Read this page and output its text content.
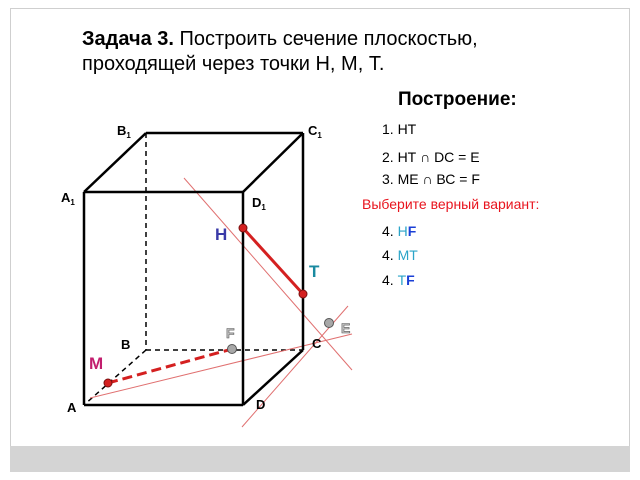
Задача 3. Построить сечение плоскостью, проходящей через точки Н, М, Т.
Построение:
1. НТ
2. НТ ∩ DC = Е
3. МЕ ∩ ВС = F
Выберите верный вариант:
4. НF
4. МТ
4. ТF
$B_1$	$C_1$
$A_1$	$D_1$
B	C
A	D
Н
Т
М
F	E
